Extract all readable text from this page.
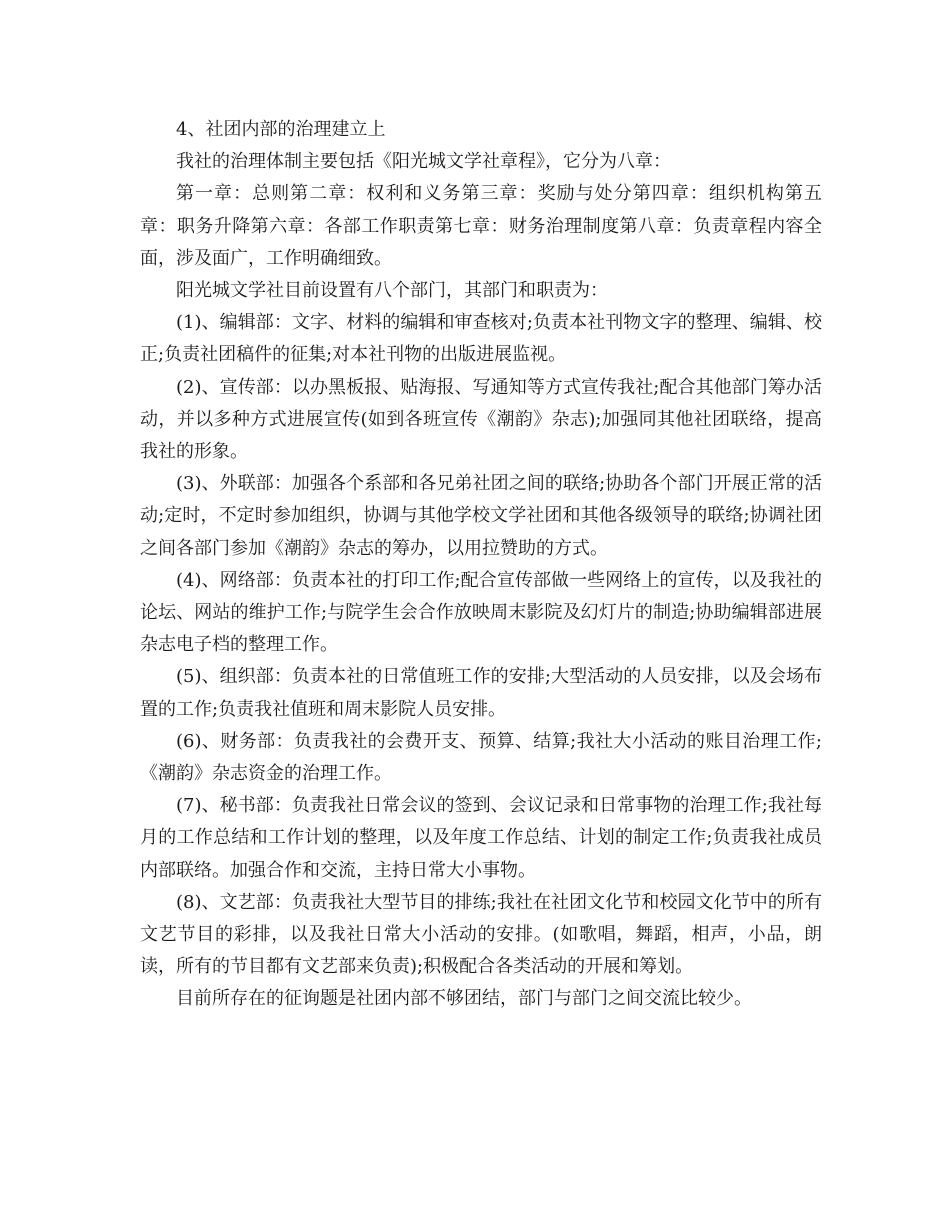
4、社团内部的治理建立上

我社的治理体制主要包括《阳光城文学社章程》，它分为八章：

第一章：总则第二章：权利和义务第三章：奖励与处分第四章：组织机构第五章：职务升降第六章：各部工作职责第七章：财务治理制度第八章：负责章程内容全面，涉及面广，工作明确细致。

阳光城文学社目前设置有八个部门，其部门和职责为：

(1)、编辑部：文字、材料的编辑和审查核对;负责本社刊物文字的整理、编辑、校正;负责社团稿件的征集;对本社刊物的出版进展监视。

(2)、宣传部：以办黑板报、贴海报、写通知等方式宣传我社;配合其他部门筹办活动，并以多种方式进展宣传(如到各班宣传《潮韵》杂志);加强同其他社团联络，提高我社的形象。

(3)、外联部：加强各个系部和各兄弟社团之间的联络;协助各个部门开展正常的活动;定时，不定时参加组织，协调与其他学校文学社团和其他各级领导的联络;协调社团之间各部门参加《潮韵》杂志的筹办，以用拉赞助的方式。

(4)、网络部：负责本社的打印工作;配合宣传部做一些网络上的宣传，以及我社的论坛、网站的维护工作;与院学生会合作放映周末影院及幻灯片的制造;协助编辑部进展杂志电子档的整理工作。

(5)、组织部：负责本社的日常值班工作的安排;大型活动的人员安排，以及会场布置的工作;负责我社值班和周末影院人员安排。

(6)、财务部：负责我社的会费开支、预算、结算;我社大小活动的账目治理工作;《潮韵》杂志资金的治理工作。

(7)、秘书部：负责我社日常会议的签到、会议记录和日常事物的治理工作;我社每月的工作总结和工作计划的整理，以及年度工作总结、计划的制定工作;负责我社成员内部联络。加强合作和交流，主持日常大小事物。

(8)、文艺部：负责我社大型节目的排练;我社在社团文化节和校园文化节中的所有文艺节目的彩排，以及我社日常大小活动的安排。(如歌唱，舞蹈，相声，小品，朗读，所有的节目都有文艺部来负责);积极配合各类活动的开展和筹划。

目前所存在的征询题是社团内部不够团结，部门与部门之间交流比较少。
